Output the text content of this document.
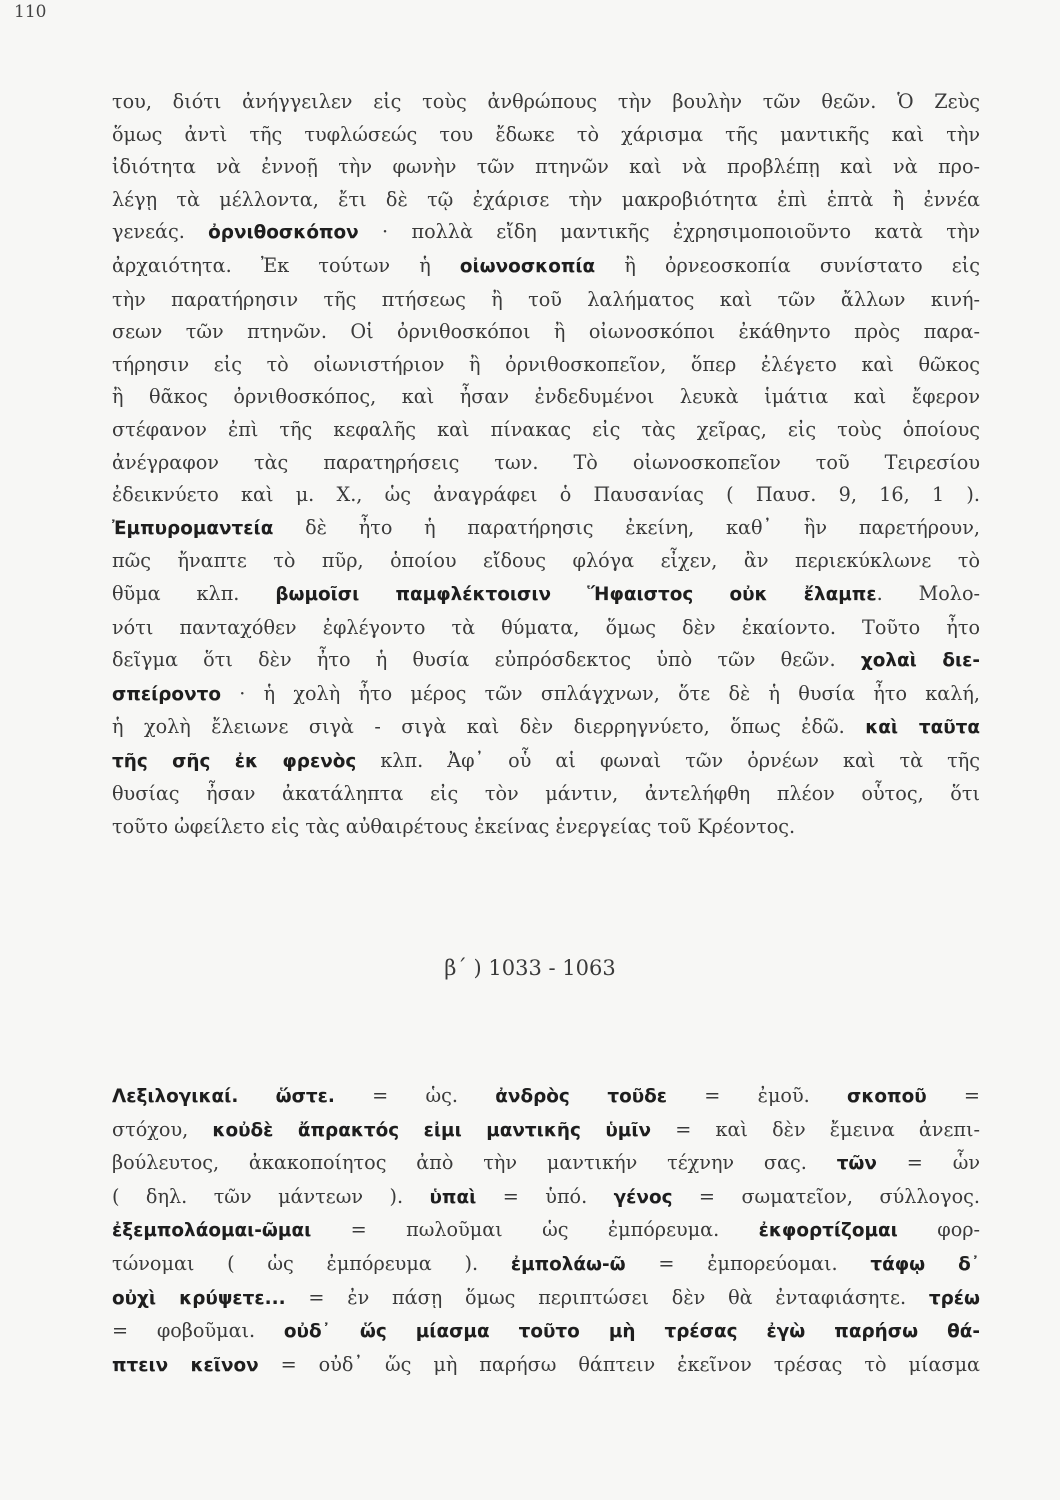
110
του, διότι ἀνήγγειλεν εἰς τοὺς ἀνθρώπους τὴν βουλὴν τῶν θεῶν. Ὁ Ζεὺς
ὅμως ἀντὶ τῆς τυφλώσεώς του ἔδωκε τὸ χάρισμα τῆς μαντικῆς καὶ τὴν
ἰδιότητα νὰ ἐννοῇ τὴν φωνὴν τῶν πτηνῶν καὶ νὰ προβλέπῃ καὶ νὰ προ-
λέγῃ τὰ μέλλοντα, ἔτι δὲ τῷ ἐχάρισε τὴν μακροβιότητα ἐπὶ ἑπτὰ ἢ ἐννέα
γενεάς. ὀρνιθοσκόπον · πολλὰ εἴδη μαντικῆς ἐχρησιμοποιοῦντο κατὰ τὴν
ἀρχαιότητα. Ἐκ τούτων ἡ οἰωνοσκοπία ἢ ὀρνεοσκοπία συνίστατο εἰς
τὴν παρατήρησιν τῆς πτήσεως ἢ τοῦ λαλήματος καὶ τῶν ἄλλων κινή-
σεων τῶν πτηνῶν. Οἱ ὀρνιθοσκόποι ἢ οἰωνοσκόποι ἐκάθηντο πρὸς παρα-
τήρησιν εἰς τὸ οἰωνιστήριον ἢ ὀρνιθοσκοπεῖον, ὅπερ ἐλέγετο καὶ θῶκος
ἢ θᾶκος ὀρνιθοσκόπος, καὶ ἦσαν ἐνδεδυμένοι λευκὰ ἱμάτια καὶ ἔφερον
στέφανον ἐπὶ τῆς κεφαλῆς καὶ πίνακας εἰς τὰς χεῖρας, εἰς τοὺς ὁποίους
ἀνέγραφον τὰς παρατηρήσεις των. Τὸ οἰωνοσκοπεῖον τοῦ Τειρεσίου
ἐδεικνύετο καὶ μ. Χ., ὡς ἀναγράφει ὁ Παυσανίας ( Παυσ. 9, 16, 1 ).
Ἐμπυρομαντεία δὲ ἦτο ἡ παρατήρησις ἐκείνη, καθ᾽ ἣν παρετήρουν,
πῶς ἤναπτε τὸ πῦρ, ὁποίου εἴδους φλόγα εἶχεν, ἂν περιεκύκλωνε τὸ
θῦμα κλπ. βωμοῖσι παμφλέκτοισιν Ἥφαιστος οὐκ ἔλαμπε. Μολο-
νότι πανταχόθεν ἐφλέγοντο τὰ θύματα, ὅμως δὲν ἐκαίοντο. Τοῦτο ἦτο
δεῖγμα ὅτι δὲν ἦτο ἡ θυσία εὐπρόσδεκτος ὑπὸ τῶν θεῶν. χολαὶ διε-
σπείροντο · ἡ χολὴ ἦτο μέρος τῶν σπλάγχνων, ὅτε δὲ ἡ θυσία ἦτο καλή,
ἡ χολὴ ἔλειωνε σιγὰ - σιγὰ καὶ δὲν διερρηγνύετο, ὅπως ἐδῶ. καὶ ταῦτα
τῆς σῆς ἐκ φρενὸς κλπ. Ἀφ᾽ οὗ αἱ φωναὶ τῶν ὀρνέων καὶ τὰ τῆς
θυσίας ἦσαν ἀκατάληπτα εἰς τὸν μάντιν, ἀντελήφθη πλέον οὗτος, ὅτι
τοῦτο ὠφείλετο εἰς τὰς αὐθαιρέτους ἐκείνας ἐνεργείας τοῦ Κρέοντος.
β΄ ) 1033 - 1063
Λεξιλογικαί. ὥστε. = ὡς. ἀνδρὸς τοῦδε = ἐμοῦ. σκοποῦ =
στόχου, κοὐδὲ ἄπρακτός εἰμι μαντικῆς ὑμῖν = καὶ δὲν ἔμεινα ἀνεπι-
βούλευτος, ἀκακοποίητος ἀπὸ τὴν μαντικήν τέχνην σας. τῶν = ὧν
( δηλ. τῶν μάντεων ). ὑπαὶ = ὑπό. γένος = σωματεῖον, σύλλογος.
ἐξεμπολάομαι-ῶμαι = πωλοῦμαι ὡς ἐμπόρευμα. ἐκφορτίζομαι φορ-
τώνομαι ( ὡς ἐμπόρευμα ). ἐμπολάω-ῶ = ἐμπορεύομαι. τάφῳ δ᾽
οὐχὶ κρύψετε... = ἐν πάσῃ ὅμως περιπτώσει δὲν θὰ ἐνταφιάσητε. τρέω
= φοβοῦμαι. οὐδ᾽ ὥς μίασμα τοῦτο μὴ τρέσας ἐγὼ παρήσω θά-
πτειν κεῖνον = οὐδ᾽ ὥς μὴ παρήσω θάπτειν ἐκεῖνον τρέσας τὸ μίασμα
